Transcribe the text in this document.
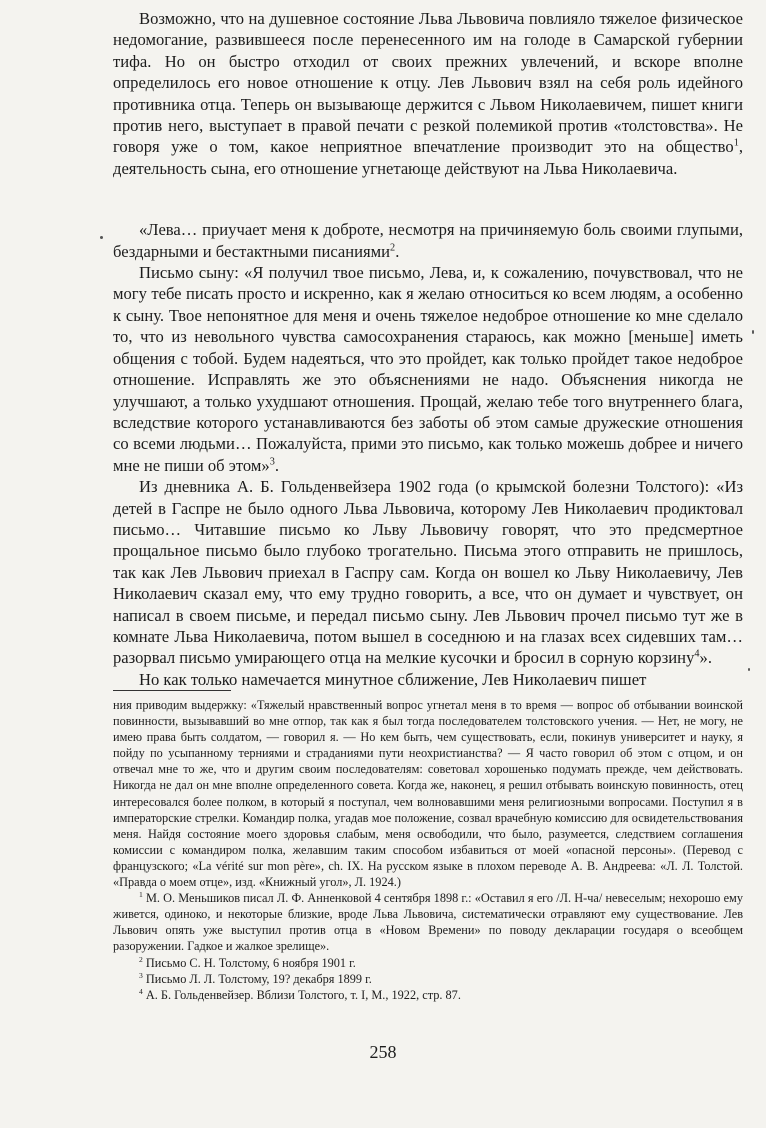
Возможно, что на душевное состояние Льва Львовича повлияло тяжелое физическое недомогание, развившееся после перенесенного им на голоде в Самарской губернии тифа. Но он быстро отходил от своих прежних увлечений, и вскоре вполне определилось его новое отношение к отцу. Лев Львович взял на себя роль идейного противника отца. Теперь он вызывающе держится с Львом Николаевичем, пишет книги против него, выступает в правой печати с резкой полемикой против «толстовства». Не говоря уже о том, какое неприятное впечатление производит это на общество$^1$, деятельность сына, его отношение угнетающе действуют на Льва Николаевича.

«Лева… приучает меня к доброте, несмотря на причиняемую боль своими глупыми, бездарными и бестактными писаниями$^2$.

Письмо сыну: «Я получил твое письмо, Лева, и, к сожалению, почувствовал, что не могу тебе писать просто и искренно, как я желаю относиться ко всем людям, а особенно к сыну. Твое непонятное для меня и очень тяжелое недоброе отношение ко мне сделало то, что из невольного чувства самосохранения стараюсь, как можно [меньше] иметь общения с тобой. Будем надеяться, что это пройдет, как только пройдет такое недоброе отношение. Исправлять же это объяснениями не надо. Объяснения никогда не улучшают, а только ухудшают отношения. Прощай, желаю тебе того внутреннего блага, вследствие которого устанавливаются без заботы об этом самые дружеские отношения со всеми людьми… Пожалуйста, прими это письмо, как только можешь добрее и ничего мне не пиши об этом»$^3$.

Из дневника А. Б. Гольденвейзера 1902 года (о крымской болезни Толстого): «Из детей в Гаспре не было одного Льва Львовича, которому Лев Николаевич продиктовал письмо… Читавшие письмо ко Льву Львовичу говорят, что это предсмертное прощальное письмо было глубоко трогательно. Письма этого отправить не пришлось, так как Лев Львович приехал в Гаспру сам. Когда он вошел ко Льву Николаевичу, Лев Николаевич сказал ему, что ему трудно говорить, а все, что он думает и чувствует, он написал в своем письме, и передал письмо сыну. Лев Львович прочел письмо тут же в комнате Льва Николаевича, потом вышел в соседнюю и на глазах всех сидевших там… разорвал письмо умирающего отца на мелкие кусочки и бросил в сорную корзину$^4$».

Но как только намечается минутное сближение, Лев Николаевич пишет

ния приводим выдержку: «Тяжелый нравственный вопрос угнетал меня в то время — вопрос об отбывании воинской повинности, вызывавший во мне отпор, так как я был тогда последователем толстовского учения. — Нет, не могу, не имею права быть солдатом, — говорил я. — Но кем быть, чем существовать, если, покинув университет и науку, я пойду по усыпанному терниями и страданиями пути неохристианства? — Я часто говорил об этом с отцом, и он отвечал мне то же, что и другим своим последователям: советовал хорошенько подумать прежде, чем действовать. Никогда не дал он мне вполне определенного совета. Когда же, наконец, я решил отбывать воинскую повинность, отец интересовался более полком, в который я поступал, чем волновавшими меня религиозными вопросами. Поступил я в императорские стрелки. Командир полка, угадав мое положение, созвал врачебную комиссию для освидетельствования меня. Найдя состояние моего здоровья слабым, меня освободили, что было, разумеется, следствием соглашения комиссии с командиром полка, желавшим таким способом избавиться от моей «опасной персоны». (Перевод с французского; «La vérité sur mon père», ch. IX. На русском языке в плохом переводе А. В. Андреева: «Л. Л. Толстой. «Правда о моем отце», изд. «Книжный угол», Л. 1924.)

$^1$ М. О. Меньшиков писал Л. Ф. Анненковой 4 сентября 1898 г.: «Оставил я его /Л. Н-ча/ невеселым; нехорошо ему живется, одиноко, и некоторые близкие, вроде Льва Львовича, систематически отравляют ему существование. Лев Львович опять уже выступил против отца в «Новом Времени» по поводу декларации государя о всеобщем разоружении. Гадкое и жалкое зрелище».

$^2$ Письмо С. Н. Толстому, 6 ноября 1901 г.

$^3$ Письмо Л. Л. Толстому, 19? декабря 1899 г.

$^4$ А. Б. Гольденвейзер. Вблизи Толстого, т. I, М., 1922, стр. 87.

258
